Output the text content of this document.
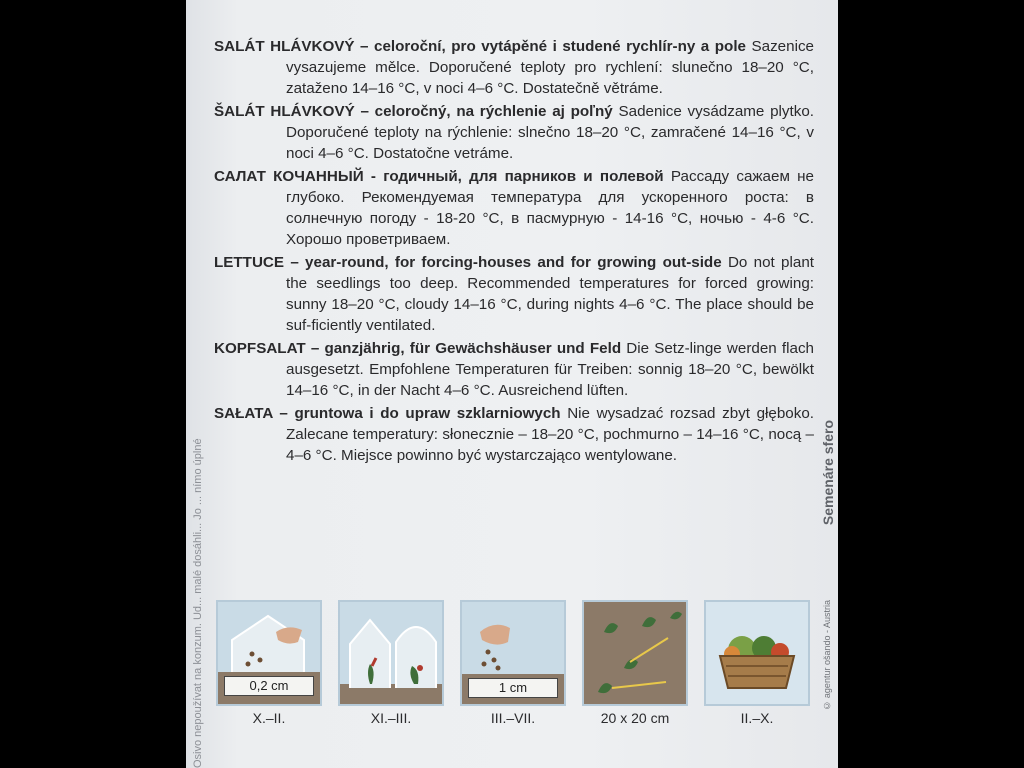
Osivo nepoužívat na konzum. Ud... malé dosáhli... Jo ... nímo úplné	Semenáre sfero
© agentur ošando - Austria

SALÁT HLÁVKOVÝ – celoroční, pro vytápěné i studené rychlír-ny a pole Sazenice vysazujeme mělce. Doporučené teploty pro rychlení: slunečno 18–20 °C, zataženo 14–16 °C, v noci 4–6 °C. Dostatečně větráme.

ŠALÁT HLÁVKOVÝ – celoročný, na rýchlenie aj poľný Sadenice vysádzame plytko. Doporučené teploty na rýchlenie: slnečno 18–20 °C, zamračené 14–16 °C, v noci 4–6 °C. Dostatočne vetráme.

САЛАТ КОЧАННЫЙ - годичный, для парников и полевой Рассаду сажаем не глубоко. Рекомендуемая температура для ускоренного роста: в солнечную погоду - 18-20 °C, в пасмурную - 14-16 °C, ночью - 4-6 °C. Хорошо проветриваем.

LETTUCE – year-round, for forcing-houses and for growing out-side Do not plant the seedlings too deep. Recommended temperatures for forced growing: sunny 18–20 °C, cloudy 14–16 °C, during nights 4–6 °C. The place should be suf-ficiently ventilated.

KOPFSALAT – ganzjährig, für Gewächshäuser und Feld Die Setz-linge werden flach ausgesetzt. Empfohlene Temperaturen für Treiben: sonnig 18–20 °C, bewölkt 14–16 °C, in der Nacht 4–6 °C. Ausreichend lüften.

SAŁATA – gruntowa i do upraw szklarniowych Nie wysadzać rozsad zbyt głęboko. Zalecane temperatury: słonecznie – 18–20 °C, pochmurno – 14–16 °C, nocą – 4–6 °C. Miejsce powinno być wystarczająco wentylowane.

0,2 cm
X.–II.	XI.–III.
1 cm
III.–VII.	20 x 20 cm	II.–X.
